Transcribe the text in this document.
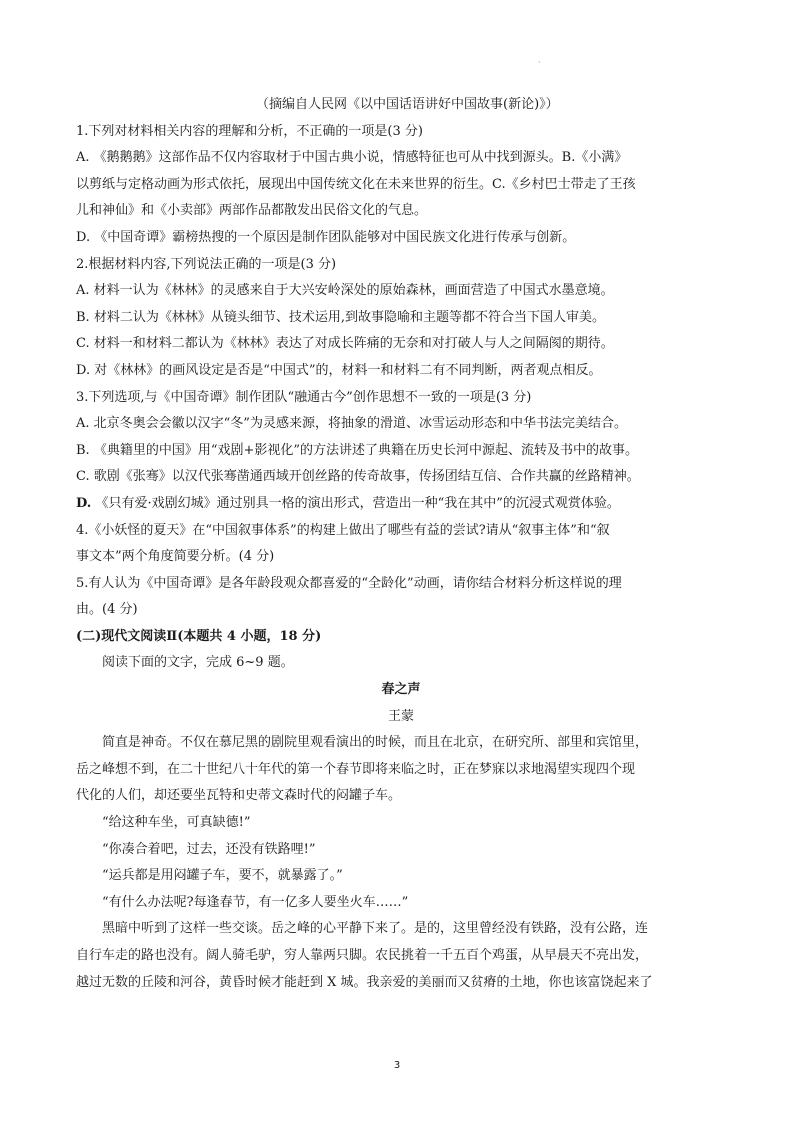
·
（摘编自人民网《以中国话语讲好中国故事(新论)》）
1.下列对材料相关内容的理解和分析，不正确的一项是(3 分)
A. 《鹅鹅鹅》这部作品不仅内容取材于中国古典小说，情感特征也可从中找到源头。B.《小满》
以剪纸与定格动画为形式依托，展现出中国传统文化在未来世界的衍生。C.《乡村巴士带走了王孩
儿和神仙》和《小卖部》两部作品都散发出民俗文化的气息。
D. 《中国奇谭》霸榜热搜的一个原因是制作团队能够对中国民族文化进行传承与创新。
2.根据材料内容,下列说法正确的一项是(3 分)
A. 材料一认为《林林》的灵感来自于大兴安岭深处的原始森林，画面营造了中国式水墨意境。
B. 材料二认为《林林》从镜头细节、技术运用,到故事隐喻和主题等都不符合当下国人审美。
C. 材料一和材料二都认为《林林》表达了对成长阵痛的无奈和对打破人与人之间隔阂的期待。
D. 对《林林》的画风设定是否是“中国式”的，材料一和材料二有不同判断，两者观点相反。
3.下列选项,与《中国奇谭》制作团队“融通古今”创作思想不一致的一项是(3 分)
A. 北京冬奥会会徽以汉字“冬”为灵感来源，将抽象的滑道、冰雪运动形态和中华书法完美结合。
B. 《典籍里的中国》用“戏剧+影视化”的方法讲述了典籍在历史长河中源起、流转及书中的故事。
C. 歌剧《张骞》以汉代张骞凿通西域开创丝路的传奇故事，传扬团结互信、合作共赢的丝路精神。
D. 《只有爱·戏剧幻城》通过别具一格的演出形式，营造出一种“我在其中”的沉浸式观赏体验。
4.《小妖怪的夏天》在“中国叙事体系”的构建上做出了哪些有益的尝试?请从“叙事主体”和“叙
事文本”两个角度简要分析。(4 分)
5.有人认为《中国奇谭》是各年龄段观众都喜爱的“全龄化”动画，请你结合材料分析这样说的理
由。(4 分)
(二)现代文阅读Ⅱ(本题共 4 小题，18 分)
阅读下面的文字，完成 6~9 题。
春之声
王蒙
简直是神奇。不仅在慕尼黑的剧院里观看演出的时候，而且在北京，在研究所、部里和宾馆里，
岳之峰想不到，在二十世纪八十年代的第一个春节即将来临之时，正在梦寐以求地渴望实现四个现
代化的人们，却还要坐瓦特和史蒂文森时代的闷罐子车。
“给这种车坐，可真缺德!”
“你凑合着吧，过去，还没有铁路哩!”
“运兵都是用闷罐子车，要不，就暴露了。”
“有什么办法呢?每逢春节，有一亿多人要坐火车……”
黑暗中听到了这样一些交谈。岳之峰的心平静下来了。是的，这里曾经没有铁路，没有公路，连
自行车走的路也没有。阔人骑毛驴，穷人靠两只脚。农民挑着一千五百个鸡蛋，从早晨天不亮出发，
越过无数的丘陵和河谷，黄昏时候才能赶到 X 城。我亲爱的美丽而又贫瘠的土地，你也该富饶起来了
3
